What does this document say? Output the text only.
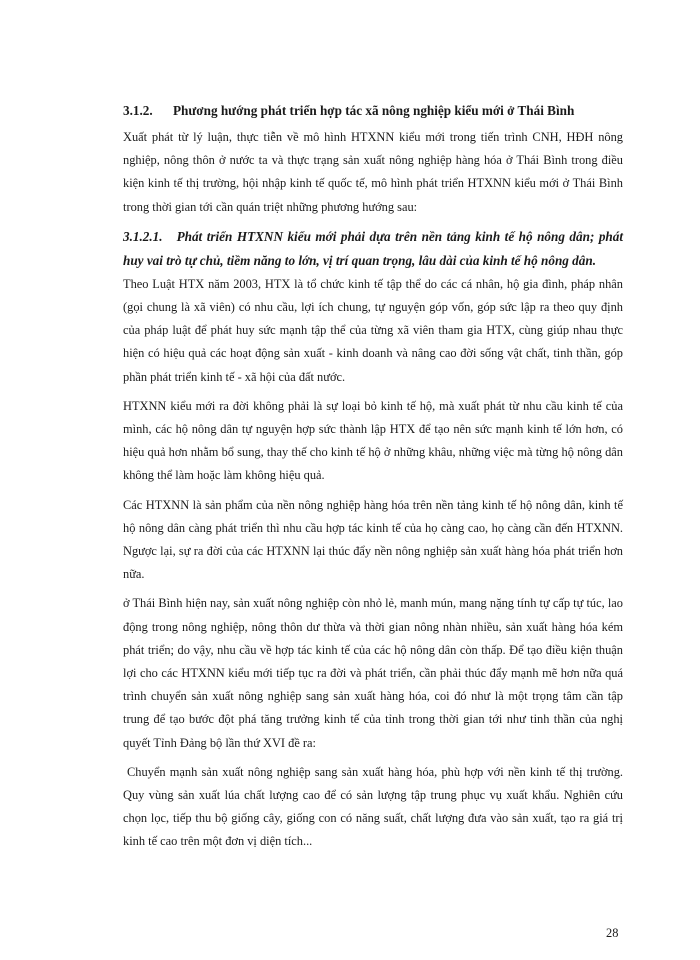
3.1.2.	Phương hướng phát triển hợp tác xã nông nghiệp kiểu mới ở Thái Bình

Xuất phát từ lý luận, thực tiễn về mô hình HTXNN kiểu mới trong tiến trình CNH, HĐH nông nghiệp, nông thôn ở nước ta và thực trạng sản xuất nông nghiệp hàng hóa ở Thái Bình trong điều kiện kinh tế thị trường, hội nhập kinh tế quốc tế, mô hình phát triển HTXNN kiểu mới ở Thái Bình trong thời gian tới cần quán triệt những phương hướng sau:

3.1.2.1. Phát triển HTXNN kiểu mới phải dựa trên nền tảng kinh tế hộ nông dân; phát huy vai trò tự chủ, tiềm năng to lớn, vị trí quan trọng, lâu dài của kinh tế hộ nông dân.

Theo Luật HTX năm 2003, HTX là tổ chức kinh tế tập thể do các cá nhân, hộ gia đình, pháp nhân (gọi chung là xã viên) có nhu cầu, lợi ích chung, tự nguyện góp vốn, góp sức lập ra theo quy định của pháp luật để phát huy sức mạnh tập thể của từng xã viên tham gia HTX, cùng giúp nhau thực hiện có hiệu quả các hoạt động sản xuất - kinh doanh và nâng cao đời sống vật chất, tinh thần, góp phần phát triển kinh tế - xã hội của đất nước.

HTXNN kiểu mới ra đời không phải là sự loại bỏ kinh tế hộ, mà xuất phát từ nhu cầu kinh tế của mình, các hộ nông dân tự nguyện hợp sức thành lập HTX để tạo nên sức mạnh kinh tế lớn hơn, có hiệu quả hơn nhằm bổ sung, thay thế cho kinh tế hộ ở những khâu, những việc mà từng hộ nông dân không thể làm hoặc làm không hiệu quả.

Các HTXNN là sản phẩm của nền nông nghiệp hàng hóa trên nền tảng kinh tế hộ nông dân, kinh tế hộ nông dân càng phát triển thì nhu cầu hợp tác kinh tế của họ càng cao, họ càng cần đến HTXNN. Ngược lại, sự ra đời của các HTXNN lại thúc đẩy nền nông nghiệp sản xuất hàng hóa phát triển hơn nữa.

ở Thái Bình hiện nay, sản xuất nông nghiệp còn nhỏ lẻ, manh mún, mang nặng tính tự cấp tự túc, lao động trong nông nghiệp, nông thôn dư thừa và thời gian nông nhàn nhiều, sản xuất hàng hóa kém phát triển; do vậy, nhu cầu về hợp tác kinh tế của các hộ nông dân còn thấp. Để tạo điều kiện thuận lợi cho các HTXNN kiểu mới tiếp tục ra đời và phát triển, cần phải thúc đẩy mạnh mẽ hơn nữa quá trình chuyển sản xuất nông nghiệp sang sản xuất hàng hóa, coi đó như là một trọng tâm cần tập trung để tạo bước đột phá tăng trưởng kinh tế của tỉnh trong thời gian tới như tinh thần của nghị quyết Tỉnh Đảng bộ lần thứ XVI đề ra:

Chuyển mạnh sản xuất nông nghiệp sang sản xuất hàng hóa, phù hợp với nền kinh tế thị trường. Quy vùng sản xuất lúa chất lượng cao để có sản lượng tập trung phục vụ xuất khẩu. Nghiên cứu chọn lọc, tiếp thu bộ giống cây, giống con có năng suất, chất lượng đưa vào sản xuất, tạo ra giá trị kinh tế cao trên một đơn vị diện tích...

28
